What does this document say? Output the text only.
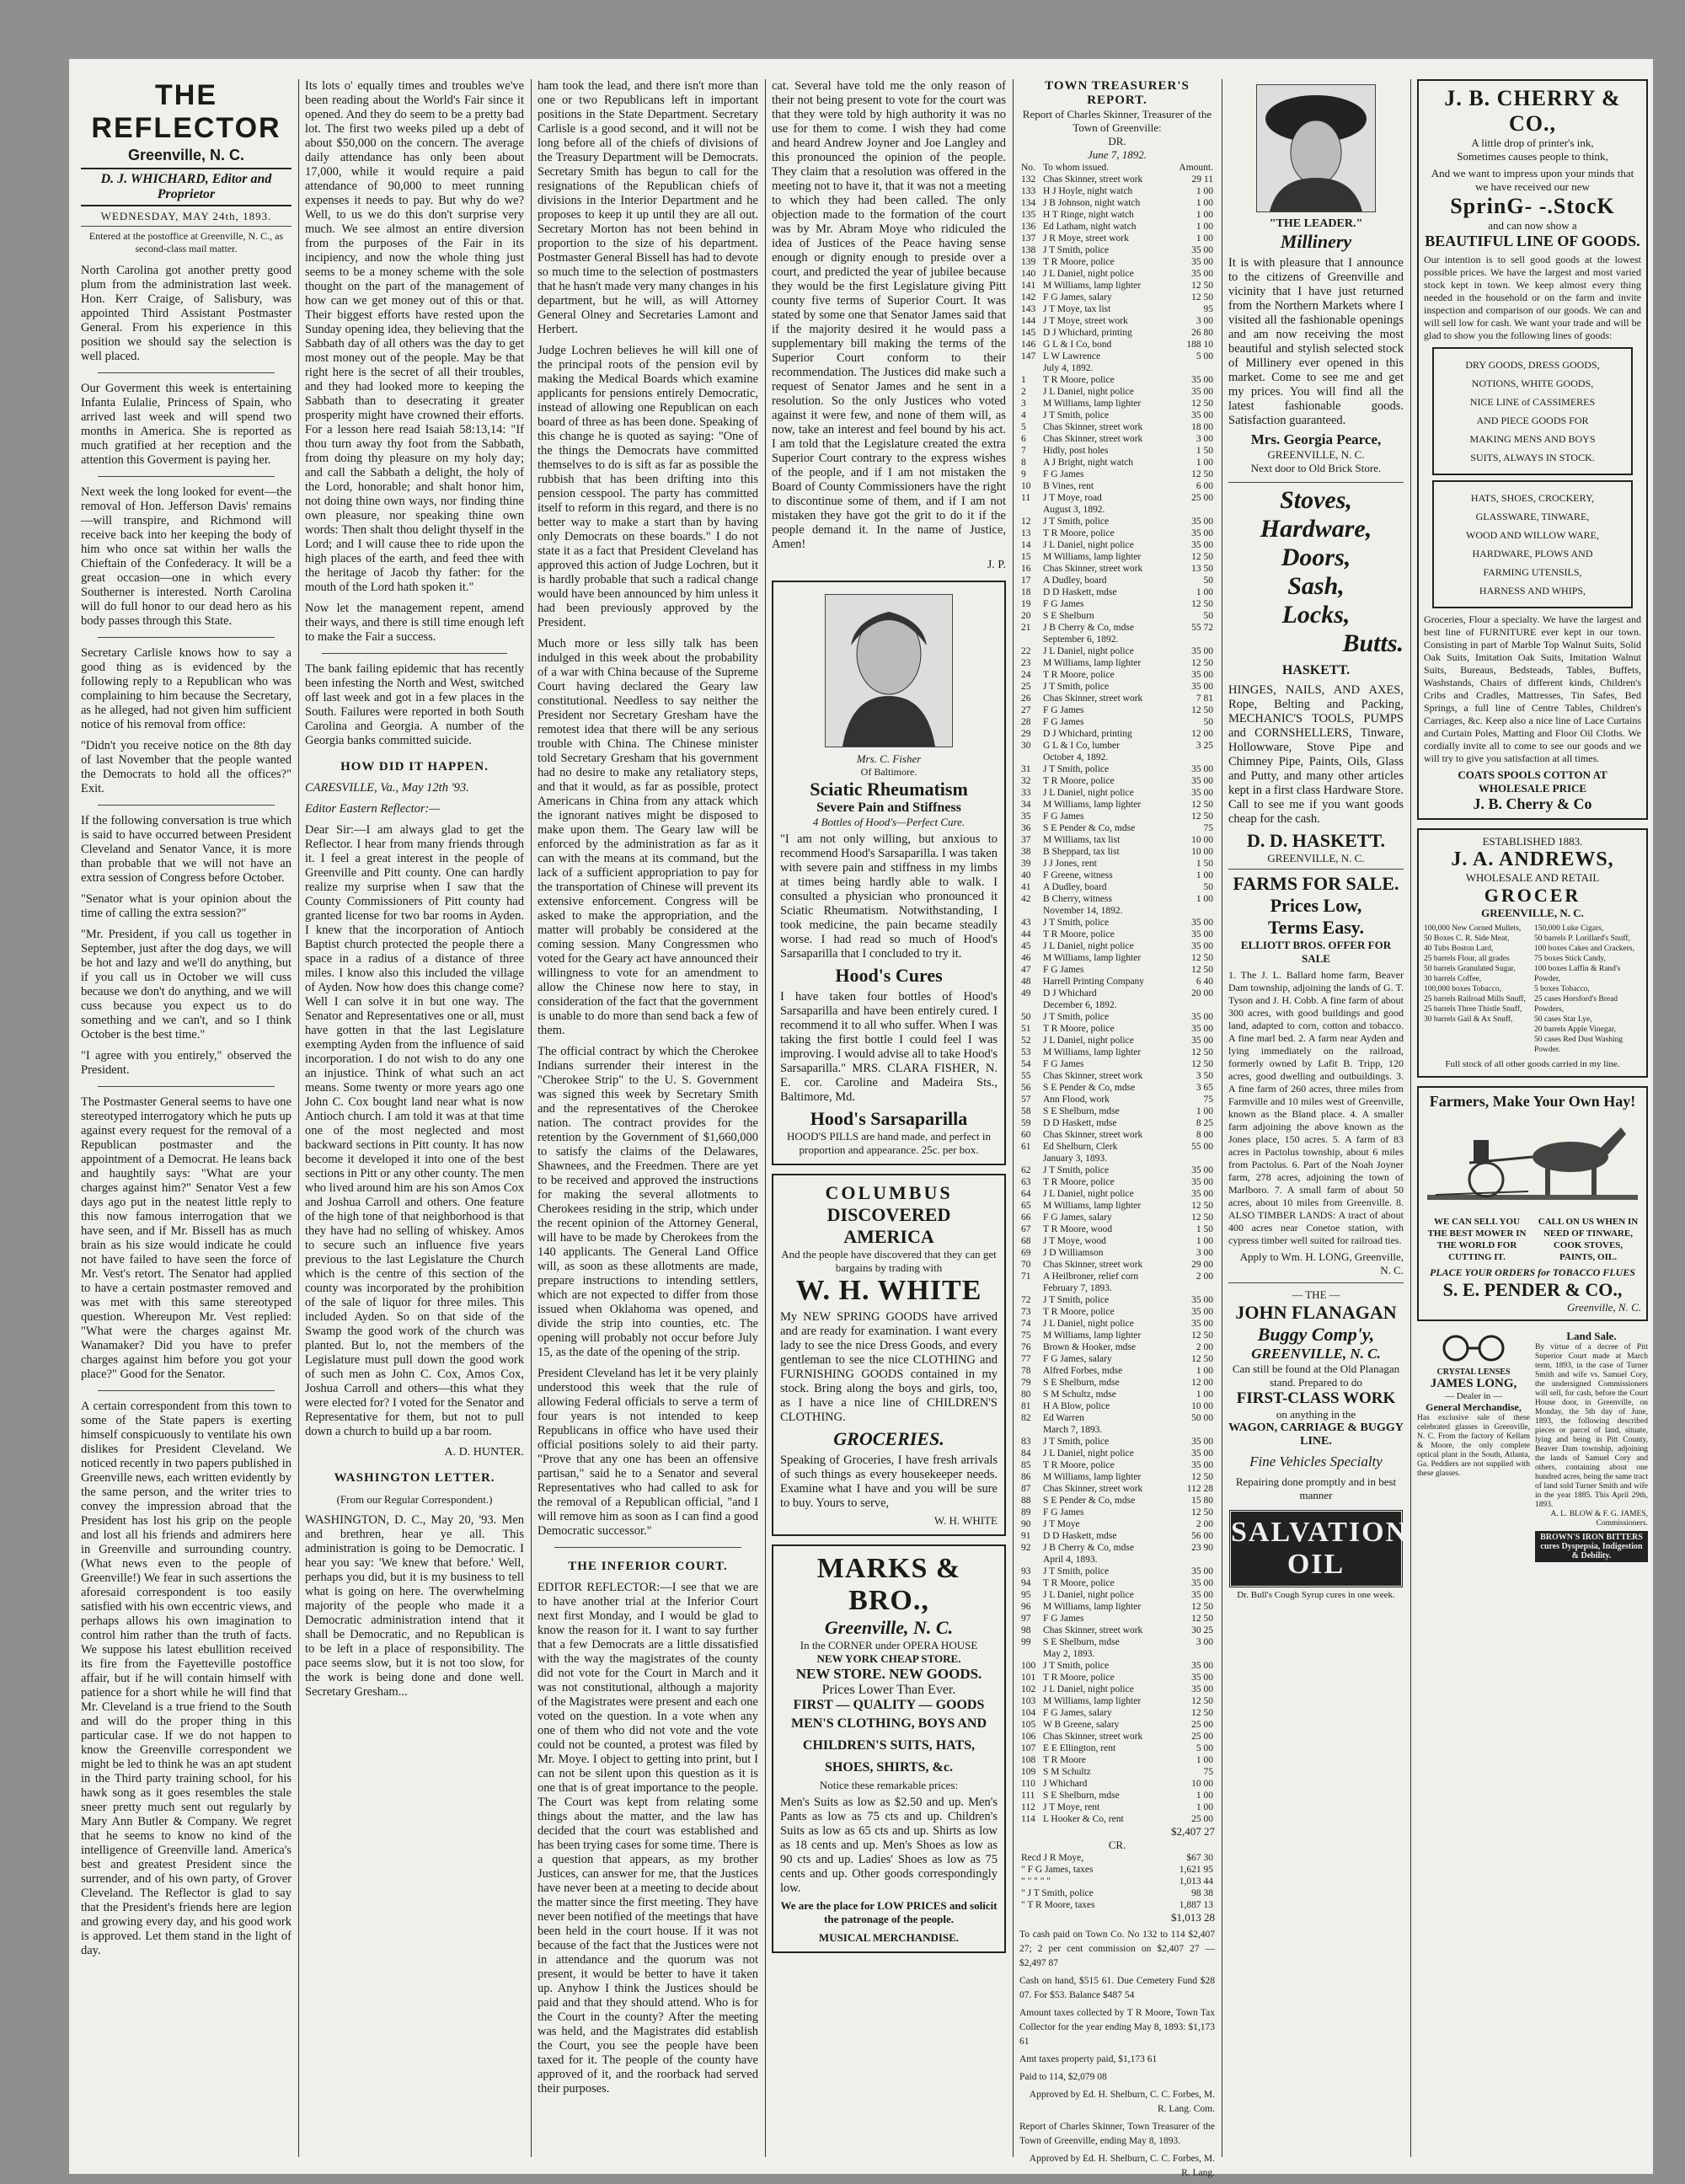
THE REFLECTOR
Greenville, N. C.
D. J. WHICHARD, Editor and Proprietor
WEDNESDAY, MAY 24th, 1893.
Entered at the postoffice at Greenville, N. C., as second-class mail matter.

North Carolina got another pretty good plum from the administration last week. Hon. Kerr Craige, of Salisbury, was appointed Third Assistant Postmaster General. From his experience in this position we should say the selection is well placed.

Our Goverment this week is entertaining Infanta Eulalie, Princess of Spain, who arrived last week and will spend two months in America. She is reported as much gratified at her reception and the attention this Goverment is paying her.

Next week the long looked for event—the removal of Hon. Jefferson Davis' remains—will transpire, and Richmond will receive back into her keeping the body of him who once sat within her walls the Chieftain of the Confederacy. It will be a great occasion—one in which every Southerner is interested. North Carolina will do full honor to our dead hero as his body passes through this State.

Secretary Carlisle knows how to say a good thing as is evidenced by the following reply to a Republican who was complaining to him because the Secretary, as he alleged, had not given him sufficient notice of his removal from office:

"Didn't you receive notice on the 8th day of last November that the people wanted the Democrats to hold all the offices?" Exit.

If the following conversation is true which is said to have occurred between President Cleveland and Senator Vance, it is more than probable that we will not have an extra session of Congress before October.

"Senator what is your opinion about the time of calling the extra session?"

"Mr. President, if you call us together in September, just after the dog days, we will be hot and lazy and we'll do anything, but if you call us in October we will cuss because we don't do anything, and we will cuss because you expect us to do something and we can't, and so I think October is the best time."

"I agree with you entirely," observed the President.

The Postmaster General seems to have one stereotyped interrogatory which he puts up against every request for the removal of a Republican postmaster and the appointment of a Democrat. He leans back and haughtily says: "What are your charges against him?" Senator Vest a few days ago put in the neatest little reply to this now famous interrogation that we have seen, and if Mr. Bissell has as much brain as his size would indicate he could not have failed to have seen the force of Mr. Vest's retort. The Senator had applied to have a certain postmaster removed and was met with this same stereotyped question. Whereupon Mr. Vest replied: "What were the charges against Mr. Wanamaker? Did you have to prefer charges against him before you got your place?" Good for the Senator.

A certain correspondent from this town to some of the State papers is exerting himself conspicuously to ventilate his own dislikes for President Cleveland. We noticed recently in two papers published in Greenville news, each written evidently by the same person, and the writer tries to convey the impression abroad that the President has lost his grip on the people and lost all his friends and admirers here in Greenville and surrounding country. (What news even to the people of Greenville!) We fear in such assertions the aforesaid correspondent is too easily satisfied with his own eccentric views, and perhaps allows his own imagination to control him rather than the truth of facts. We suppose his latest ebullition received its fire from the Fayetteville postoffice affair, but if he will contain himself with patience for a short while he will find that Mr. Cleveland is a true friend to the South and will do the proper thing in this particular case. If we do not happen to know the Greenville correspondent we might be led to think he was an apt student in the Third party training school, for his hawk song as it goes resembles the stale sneer pretty much sent out regularly by Mary Ann Butler & Company. We regret that he seems to know no kind of the intelligence of Greenville land. America's best and greatest President since the surrender, and of his own party, of Grover Cleveland. The Reflector is glad to say that the President's friends here are legion and growing every day, and his good work is approved. Let them stand in the light of day.

Its lots o' equally times and troubles we've been reading about the World's Fair since it opened. And they do seem to be a pretty bad lot. The first two weeks piled up a debt of about $50,000 on the concern. The average daily attendance has only been about 17,000, while it would require a paid attendance of 90,000 to meet running expenses it needs to pay. But why do we? Well, to us we do this don't surprise very much. We see almost an entire diversion from the purposes of the Fair in its incipiency, and now the whole thing just seems to be a money scheme with the sole thought on the part of the management of how can we get money out of this or that. Their biggest efforts have rested upon the Sunday opening idea, they believing that the Sabbath day of all others was the day to get most money out of the people. May be that right here is the secret of all their troubles, and they had looked more to keeping the Sabbath than to desecrating it greater prosperity might have crowned their efforts. For a lesson here read Isaiah 58:13,14: "If thou turn away thy foot from the Sabbath, from doing thy pleasure on my holy day; and call the Sabbath a delight, the holy of the Lord, honorable; and shalt honor him, not doing thine own ways, nor finding thine own pleasure, nor speaking thine own words: Then shalt thou delight thyself in the Lord; and I will cause thee to ride upon the high places of the earth, and feed thee with the heritage of Jacob thy father: for the mouth of the Lord hath spoken it."

Now let the management repent, amend their ways, and there is still time enough left to make the Fair a success.

The bank failing epidemic that has recently been infesting the North and West, switched off last week and got in a few places in the South. Failures were reported in both South Carolina and Georgia. A number of the Georgia banks committed suicide.

HOW DID IT HAPPEN.

CARESVILLE, Va., May 12th '93.

Editor Eastern Reflector:—

Dear Sir:—I am always glad to get the Reflector. I hear from many friends through it. I feel a great interest in the people of Greenville and Pitt county. One can hardly realize my surprise when I saw that the County Commissioners of Pitt county had granted license for two bar rooms in Ayden. I knew that the incorporation of Antioch Baptist church protected the people there a space in a radius of a distance of three miles. I know also this included the village of Ayden. Now how does this change come? Well I can solve it in but one way. The Senator and Representatives one or all, must have gotten in that the last Legislature exempting Ayden from the influence of said incorporation. I do not wish to do any one an injustice. Think of what such an act means. Some twenty or more years ago one John C. Cox bought land near what is now Antioch church. I am told it was at that time one of the most neglected and most backward sections in Pitt county. It has now become it developed it into one of the best sections in Pitt or any other county. The men who lived around him are his son Amos Cox and Joshua Carroll and others. One feature of the high tone of that neighborhood is that they have had no selling of whiskey. Amos to secure such an influence five years previous to the last Legislature the Church which is the centre of this section of the county was incorporated by the prohibition of the sale of liquor for three miles. This included Ayden. So on that side of the Swamp the good work of the church was planted. But lo, not the members of the Legislature must pull down the good work of such men as John C. Cox, Amos Cox, Joshua Carroll and others—this what they were elected for? I voted for the Senator and Representative for them, but not to pull down a church to build up a bar room.

A. D. HUNTER.
WASHINGTON LETTER.

(From our Regular Correspondent.)

WASHINGTON, D. C., May 20, '93. Men and brethren, hear ye all. This administration is going to be Democratic. I hear you say: 'We knew that before.' Well, perhaps you did, but it is my business to tell what is going on here. The overwhelming majority of the people who made it a Democratic administration intend that it shall be Democratic, and no Republican is to be left in a place of responsibility. The pace seems slow, but it is not too slow, for the work is being done and done well. Secretary Gresham...

ham took the lead, and there isn't more than one or two Republicans left in important positions in the State Department. Secretary Carlisle is a good second, and it will not be long before all of the chiefs of divisions of the Treasury Department will be Democrats. Secretary Smith has begun to call for the resignations of the Republican chiefs of divisions in the Interior Department and he proposes to keep it up until they are all out. Secretary Morton has not been behind in proportion to the size of his department. Postmaster General Bissell has had to devote so much time to the selection of postmasters that he hasn't made very many changes in his department, but he will, as will Attorney General Olney and Secretaries Lamont and Herbert.

Judge Lochren believes he will kill one of the principal roots of the pension evil by making the Medical Boards which examine applicants for pensions entirely Democratic, instead of allowing one Republican on each board of three as has been done. Speaking of this change he is quoted as saying: "One of the things the Democrats have committed themselves to do is sift as far as possible the rubbish that has been drifting into this pension cesspool. The party has committed itself to reform in this regard, and there is no better way to make a start than by having only Democrats on these boards." I do not state it as a fact that President Cleveland has approved this action of Judge Lochren, but it is hardly probable that such a radical change would have been announced by him unless it had been previously approved by the President.

Much more or less silly talk has been indulged in this week about the probability of a war with China because of the Supreme Court having declared the Geary law constitutional. Needless to say neither the President nor Secretary Gresham have the remotest idea that there will be any serious trouble with China. The Chinese minister told Secretary Gresham that his government had no desire to make any retaliatory steps, and that it would, as far as possible, protect Americans in China from any attack which the ignorant natives might be disposed to make upon them. The Geary law will be enforced by the administration as far as it can with the means at its command, but the lack of a sufficient appropriation to pay for the transportation of Chinese will prevent its extensive enforcement. Congress will be asked to make the appropriation, and the matter will probably be considered at the coming session. Many Congressmen who voted for the Geary act have announced their willingness to vote for an amendment to allow the Chinese now here to stay, in consideration of the fact that the government is unable to do more than send back a few of them.

The official contract by which the Cherokee Indians surrender their interest in the "Cherokee Strip" to the U. S. Government was signed this week by Secretary Smith and the representatives of the Cherokee nation. The contract provides for the retention by the Government of $1,660,000 to satisfy the claims of the Delawares, Shawnees, and the Freedmen. There are yet to be received and approved the instructions for making the several allotments to Cherokees residing in the strip, which under the recent opinion of the Attorney General, will have to be made by Cherokees from the 140 applicants. The General Land Office will, as soon as these allotments are made, prepare instructions to intending settlers, which are not expected to differ from those issued when Oklahoma was opened, and divide the strip into counties, etc. The opening will probably not occur before July 15, as the date of the opening of the strip.

President Cleveland has let it be very plainly understood this week that the rule of allowing Federal officials to serve a term of four years is not intended to keep Republicans in office who have used their official positions solely to aid their party. "Prove that any one has been an offensive partisan," said he to a Senator and several Representatives who had called to ask for the removal of a Republican official, "and I will remove him as soon as I can find a good Democratic successor."

THE INFERIOR COURT.

EDITOR REFLECTOR:—I see that we are to have another trial at the Inferior Court next first Monday, and I would be glad to know the reason for it. I want to say further that a few Democrats are a little dissatisfied with the way the magistrates of the county did not vote for the Court in March and it was not constitutional, although a majority of the Magistrates were present and each one voted on the question. In a vote when any one of them who did not vote and the vote could not be counted, a protest was filed by Mr. Moye. I object to getting into print, but I can not be silent upon this question as it is one that is of great importance to the people. The Court was kept from relating some things about the matter, and the law has decided that the court was established and has been trying cases for some time. There is a question that appears, as my brother Justices, can answer for me, that the Justices have never been at a meeting to decide about the matter since the first meeting. They have never been notified of the meetings that have been held in the court house. If it was not because of the fact that the Justices were not in attendance and the quorum was not present, it would be better to have it taken up. Anyhow I think the Justices should be paid and that they should attend. Who is for the Court in the county? After the meeting was held, and the Magistrates did establish the Court, you see the people have been taxed for it. The people of the county have approved of it, and the roorback had served their purposes.

cat. Several have told me the only reason of their not being present to vote for the court was that they were told by high authority it was no use for them to come. I wish they had come and heard Andrew Joyner and Joe Langley and this pronounced the opinion of the people. They claim that a resolution was offered in the meeting not to have it, that it was not a meeting to which they had been called. The only objection made to the formation of the court was by Mr. Abram Moye who ridiculed the idea of Justices of the Peace having sense enough or dignity enough to preside over a court, and predicted the year of jubilee because they would be the first Legislature giving Pitt county five terms of Superior Court. It was stated by some one that Senator James said that if the majority desired it he would pass a supplementary bill making the terms of the Superior Court conform to their recommendation. The Justices did make such a request of Senator James and he sent in a resolution. So the only Justices who voted against it were few, and none of them will, as now, take an interest and feel bound by his act. I am told that the Legislature created the extra Superior Court contrary to the express wishes of the people, and if I am not mistaken the Board of County Commissioners have the right to discontinue some of them, and if I am not mistaken they have got the grit to do it if the people demand it. In the name of Justice, Amen!

J. P.
Mrs. C. Fisher
Of Baltimore.
Sciatic Rheumatism
Severe Pain and Stiffness
4 Bottles of Hood's—Perfect Cure.

"I am not only willing, but anxious to recommend Hood's Sarsaparilla. I was taken with severe pain and stiffness in my limbs at times being hardly able to walk. I consulted a physician who pronounced it Sciatic Rheumatism. Notwithstanding, I took medicine, the pain became steadily worse. I had read so much of Hood's Sarsaparilla that I concluded to try it.

Hood's Cures

I have taken four bottles of Hood's Sarsaparilla and have been entirely cured. I recommend it to all who suffer. When I was taking the first bottle I could feel I was improving. I would advise all to take Hood's Sarsaparilla." MRS. CLARA FISHER, N. E. cor. Caroline and Madeira Sts., Baltimore, Md.

Hood's Sarsaparilla
HOOD'S PILLS are hand made, and perfect in proportion and appearance. 25c. per box.
COLUMBUS
DISCOVERED AMERICA
And the people have discovered that they can get bargains by trading with
W. H. WHITE

My NEW SPRING GOODS have arrived and are ready for examination. I want every lady to see the nice Dress Goods, and every gentleman to see the nice CLOTHING and FURNISHING GOODS contained in my stock. Bring along the boys and girls, too, as I have a nice line of CHILDREN'S CLOTHING.

GROCERIES.

Speaking of Groceries, I have fresh arrivals of such things as every housekeeper needs. Examine what I have and you will be sure to buy. Yours to serve,

W. H. WHITE
MARKS & BRO.,
Greenville, N. C.
In the CORNER under OPERA HOUSE
NEW YORK CHEAP STORE.
NEW STORE. NEW GOODS.
Prices Lower Than Ever.
FIRST — QUALITY — GOODS
MEN'S CLOTHING, BOYS AND CHILDREN'S SUITS, HATS, SHOES, SHIRTS, &c.
Notice these remarkable prices:

Men's Suits as low as $2.50 and up. Men's Pants as low as 75 cts and up. Children's Suits as low as 65 cts and up. Shirts as low as 18 cents and up. Men's Shoes as low as 90 cts and up. Ladies' Shoes as low as 75 cents and up. Other goods correspondingly low.

We are the place for LOW PRICES and solicit the patronage of the people.
MUSICAL MERCHANDISE.
TOWN TREASURER'S REPORT.
Report of Charles Skinner, Treasurer of the Town of Greenville:
DR.
June 7, 1892.
No.	To whom issued.	Amount.
132	Chas Skinner, street work	29 11
133	H J Hoyle, night watch	1 00
134	J B Johnson, night watch	1 00
135	H T Ringe, night watch	1 00
136	Ed Latham, night watch	1 00
137	J R Moye, street work	1 00
138	J T Smith, police	35 00
139	T R Moore, police	35 00
140	J L Daniel, night police	35 00
141	M Williams, lamp lighter	12 50
142	F G James, salary	12 50
143	J T Moye, tax list	95
144	J T Moye, street work	3 00
145	D J Whichard, printing	26 80
146	G L & I Co, bond	188 10
147	L W Lawrence	5 00
	July 4, 1892.	
1	T R Moore, police	35 00
2	J L Daniel, night police	35 00
3	M Williams, lamp lighter	12 50
4	J T Smith, police	35 00
5	Chas Skinner, street work	18 00
6	Chas Skinner, street work	3 00
7	Hidly, post holes	1 50
8	A J Bright, night watch	1 00
9	F G James	12 50
10	B Vines, rent	6 00
11	J T Moye, road	25 00
	August 3, 1892.	
12	J T Smith, police	35 00
13	T R Moore, police	35 00
14	J L Daniel, night police	35 00
15	M Williams, lamp lighter	12 50
16	Chas Skinner, street work	13 50
17	A Dudley, board	50
18	D D Haskett, mdse	1 00
19	F G James	12 50
20	S E Shelburn	50
21	J B Cherry & Co, mdse	55 72
	September 6, 1892.	
22	J L Daniel, night police	35 00
23	M Williams, lamp lighter	12 50
24	T R Moore, police	35 00
25	J T Smith, police	35 00
26	Chas Skinner, street work	7 81
27	F G James	12 50
28	F G James	50
29	D J Whichard, printing	12 00
30	G L & I Co, lumber	3 25
	October 4, 1892.	
31	J T Smith, police	35 00
32	T R Moore, police	35 00
33	J L Daniel, night police	35 00
34	M Williams, lamp lighter	12 50
35	F G James	12 50
36	S E Pender & Co, mdse	75
37	M Williams, tax list	10 00
38	B Sheppard, tax list	10 00
39	J J Jones, rent	1 50
40	F Greene, witness	1 00
41	A Dudley, board	50
42	B Cherry, witness	1 00
	November 14, 1892.	
43	J T Smith, police	35 00
44	T R Moore, police	35 00
45	J L Daniel, night police	35 00
46	M Williams, lamp lighter	12 50
47	F G James	12 50
48	Harrell Printing Company	6 40
49	D J Whichard	20 00
	December 6, 1892.	
50	J T Smith, police	35 00
51	T R Moore, police	35 00
52	J L Daniel, night police	35 00
53	M Williams, lamp lighter	12 50
54	F G James	12 50
55	Chas Skinner, street work	3 50
56	S E Pender & Co, mdse	3 65
57	Ann Flood, work	75
58	S E Shelburn, mdse	1 00
59	D D Haskett, mdse	8 25
60	Chas Skinner, street work	8 00
61	Ed Shelburn, Clerk	55 00
	January 3, 1893.	
62	J T Smith, police	35 00
63	T R Moore, police	35 00
64	J L Daniel, night police	35 00
65	M Williams, lamp lighter	12 50
66	F G James, salary	12 50
67	T R Moore, wood	1 50
68	J T Moye, wood	1 00
69	J D Williamson	3 00
70	Chas Skinner, street work	29 00
71	A Heilbroner, relief corn	2 00
	February 7, 1893.	
72	J T Smith, police	35 00
73	T R Moore, police	35 00
74	J L Daniel, night police	35 00
75	M Williams, lamp lighter	12 50
76	Brown & Hooker, mdse	2 00
77	F G James, salary	12 50
78	Alfred Forbes, mdse	1 00
79	S E Shelburn, mdse	12 00
80	S M Schultz, mdse	1 00
81	H A Blow, police	10 00
82	Ed Warren	50 00
	March 7, 1893.	
83	J T Smith, police	35 00
84	J L Daniel, night police	35 00
85	T R Moore, police	35 00
86	M Williams, lamp lighter	12 50
87	Chas Skinner, street work	112 28
88	S E Pender & Co, mdse	15 80
89	F G James	12 50
90	J T Moye	2 00
91	D D Haskett, mdse	56 00
92	J B Cherry & Co, mdse	23 90
	April 4, 1893.	
93	J T Smith, police	35 00
94	T R Moore, police	35 00
95	J L Daniel, night police	35 00
96	M Williams, lamp lighter	12 50
97	F G James	12 50
98	Chas Skinner, street work	30 25
99	S E Shelburn, mdse	3 00
	May 2, 1893.	
100	J T Smith, police	35 00
101	T R Moore, police	35 00
102	J L Daniel, night police	35 00
103	M Williams, lamp lighter	12 50
104	F G James, salary	12 50
105	W B Greene, salary	25 00
106	Chas Skinner, street work	25 00
107	E E Ellington, rent	5 00
108	T R Moore	1 00
109	S M Schultz	75
110	J Whichard	10 00
111	S E Shelburn, mdse	1 00
112	J T Moye, rent	1 00
114	L Hooker & Co, rent	25 00
$2,407 27
CR.
Recd J R Moye,	$67 30
" F G James, taxes	1,621 95
" " " " "	1,013 44
" J T Smith, police	98 38
" T R Moore, taxes	1,887 13
$1,013 28

To cash paid on Town Co. No 132 to 114 $2,407 27; 2 per cent commission on $2,407 27 — $2,497 87

Cash on hand, $515 61. Due Cemetery Fund $28 07. For $53. Balance $487 54

Amount taxes collected by T R Moore, Town Tax Collector for the year ending May 8, 1893: $1,173 61

Amt taxes property paid, $1,173 61

Paid to 114, $2,079 08

Approved by Ed. H. Shelburn, C. C. Forbes, M. R. Lang. Com.

Report of Charles Skinner, Town Treasurer of the Town of Greenville, ending May 8, 1893.

Approved by Ed. H. Shelburn, C. C. Forbes, M. R. Lang.

"THE LEADER."
Millinery

It is with pleasure that I announce to the citizens of Greenville and vicinity that I have just returned from the Northern Markets where I visited all the fashionable openings and am now receiving the most beautiful and stylish selected stock of Millinery ever opened in this market. Come to see me and get my prices. You will find all the latest fashionable goods. Satisfaction guaranteed.

Mrs. Georgia Pearce,
GREENVILLE, N. C.
Next door to Old Brick Store.
Stoves,
Hardware,
Doors,
Sash,
Locks,
Butts.
HASKETT.

HINGES, NAILS, AND AXES, Rope, Belting and Packing, MECHANIC'S TOOLS, PUMPS and CORNSHELLERS, Tinware, Hollowware, Stove Pipe and Chimney Pipe, Paints, Oils, Glass and Putty, and many other articles kept in a first class Hardware Store. Call to see me if you want goods cheap for the cash.

D. D. HASKETT.
GREENVILLE, N. C.
FARMS FOR SALE.
Prices Low,
Terms Easy.
ELLIOTT BROS. OFFER FOR SALE

1. The J. L. Ballard home farm, Beaver Dam township, adjoining the lands of G. T. Tyson and J. H. Cobb. A fine farm of about 300 acres, with good buildings and good land, adapted to corn, cotton and tobacco. A fine marl bed. 2. A farm near Ayden and lying immediately on the railroad, formerly owned by Lafit B. Tripp, 120 acres, good dwelling and outbuildings. 3. A fine farm of 260 acres, three miles from Farmville and 10 miles west of Greenville, known as the Bland place. 4. A smaller farm adjoining the above known as the Jones place, 150 acres. 5. A farm of 83 acres in Pactolus township, about 6 miles from Pactolus. 6. Part of the Noah Joyner farm, 278 acres, adjoining the town of Marlboro. 7. A small farm of about 50 acres, about 10 miles from Greenville. 8. ALSO TIMBER LANDS: A tract of about 400 acres near Conetoe station, with cypress timber well suited for railroad ties.

Apply to Wm. H. LONG, Greenville, N. C.
— THE —
JOHN FLANAGAN
Buggy Comp'y,
GREENVILLE, N. C.
Can still be found at the Old Planagan stand. Prepared to do
FIRST-CLASS WORK
on anything in the
WAGON, CARRIAGE & BUGGY LINE.
Fine Vehicles Specialty
Repairing done promptly and in best manner
SALVATION OIL
Dr. Bull's Cough Syrup cures in one week.
J. B. CHERRY & CO.,
A little drop of printer's ink,
Sometimes causes people to think,
And we want to impress upon your minds that we have received our new
SprinG- -.StocK
and can now show a
BEAUTIFUL LINE OF GOODS.

Our intention is to sell good goods at the lowest possible prices. We have the largest and most varied stock kept in town. We keep almost every thing needed in the household or on the farm and invite inspection and comparison of our goods. We can and will sell low for cash. We want your trade and will be glad to show you the following lines of goods:

DRY GOODS, DRESS GOODS,
NOTIONS, WHITE GOODS,
NICE LINE of CASSIMERES
AND PIECE GOODS FOR
MAKING MENS AND BOYS
SUITS, ALWAYS IN STOCK.
HATS, SHOES, CROCKERY,
GLASSWARE, TINWARE,
WOOD AND WILLOW WARE,
HARDWARE, PLOWS AND
FARMING UTENSILS,
HARNESS AND WHIPS,

Groceries, Flour a specialty. We have the largest and best line of FURNITURE ever kept in our town. Consisting in part of Marble Top Walnut Suits, Solid Oak Suits, Imitation Oak Suits, Imitation Walnut Suits, Bureaus, Bedsteads, Tables, Buffets, Washstands, Chairs of different kinds, Children's Cribs and Cradles, Mattresses, Tin Safes, Bed Springs, a full line of Centre Tables, Children's Carriages, &c. Keep also a nice line of Lace Curtains and Curtain Poles, Matting and Floor Oil Cloths. We cordially invite all to come to see our goods and we will try to give you satisfaction at all times.

COATS SPOOLS COTTON AT WHOLESALE PRICE
J. B. Cherry & Co
ESTABLISHED 1883.
J. A. ANDREWS,
WHOLESALE AND RETAIL
GROCER
GREENVILLE, N. C.
100,000 New Corned Mullets,
50 Boxes C. R. Side Meat,
40 Tubs Boston Lard,
25 barrels Flour, all grades
50 barrels Granulated Sugar,
30 barrels Coffee,
100,000 boxes Tobacco,
25 barrels Railroad Mills Snuff,
25 barrels Three Thistle Snuff,
30 barrels Gail & Ax Snuff,
150,000 Luke Cigars,
50 barrels P. Lorillard's Snuff,
100 boxes Cakes and Crackers,
75 boxes Stick Candy,
100 boxes Laffin & Rand's Powder,
5 boxes Tobacco,
25 cases Horsford's Bread Powders,
50 cases Star Lye,
20 barrels Apple Vinegar,
50 cases Red Dust Washing Powder.
Full stock of all other goods carried in my line.
Farmers, Make Your Own Hay!
WE CAN SELL YOU THE BEST MOWER IN THE WORLD FOR CUTTING IT.
CALL ON US WHEN IN NEED OF TINWARE, COOK STOVES, PAINTS, OIL.
PLACE YOUR ORDERS for TOBACCO FLUES
S. E. PENDER & CO.,
Greenville, N. C.
CRYSTAL LENSES
JAMES LONG,
— Dealer in —
General Merchandise,
Has exclusive sale of these celebrated glasses in Greenville, N. C. From the factory of Kellam & Moore, the only complete optical plant in the South, Atlanta, Ga. Peddlers are not supplied with these glasses.
Land Sale.
By virtue of a decree of Pitt Superior Court made at March term, 1893, in the case of Turner Smith and wife vs. Samuel Cory, the undersigned Commissioners will sell, for cash, before the Court House door, in Greenville, on Monday, the 5th day of June, 1893, the following described pieces or parcel of land, situate, lying and being in Pitt County, Beaver Dam township, adjoining the lands of Samuel Cory and others, containing about one hundred acres, being the same tract of land sold Turner Smith and wife in the year 1885. This April 29th, 1893.
A. L. BLOW & F. G. JAMES, Commissioners.
BROWN'S IRON BITTERS
cures Dyspepsia, Indigestion & Debility.
